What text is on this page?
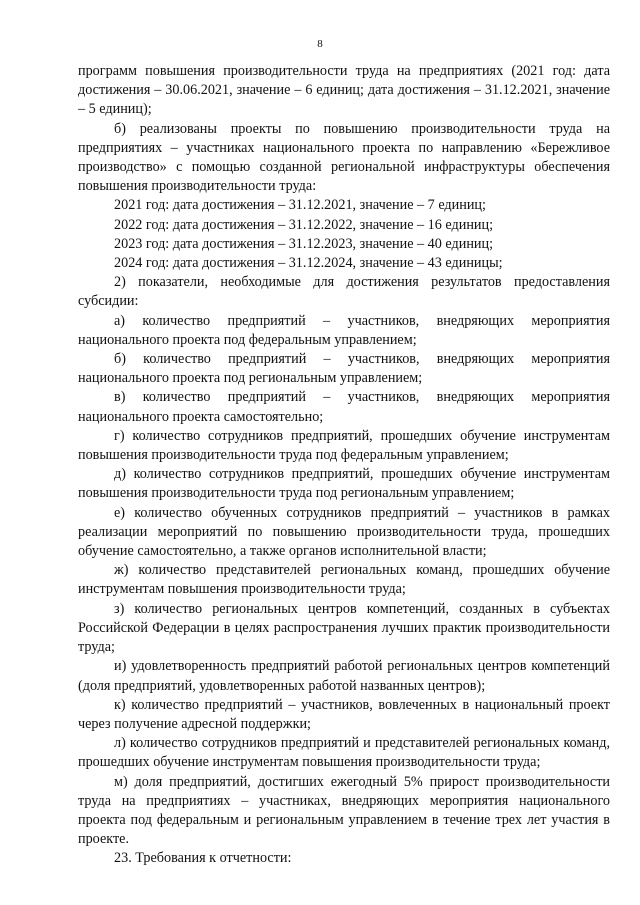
8

программ повышения производительности труда на предприятиях (2021 год: дата достижения – 30.06.2021, значение – 6 единиц; дата достижения – 31.12.2021, значение – 5 единиц);

б) реализованы проекты по повышению производительности труда на предприятиях – участниках национального проекта по направлению «Бережливое производство» с помощью созданной региональной инфраструктуры обеспечения повышения производительности труда:

2021 год: дата достижения – 31.12.2021, значение – 7 единиц;

2022 год: дата достижения – 31.12.2022, значение – 16 единиц;

2023 год: дата достижения – 31.12.2023, значение – 40 единиц;

2024 год: дата достижения – 31.12.2024, значение – 43 единицы;

2) показатели, необходимые для достижения результатов предоставления субсидии:

а) количество предприятий – участников, внедряющих мероприятия национального проекта под федеральным управлением;

б) количество предприятий – участников, внедряющих мероприятия национального проекта под региональным управлением;

в) количество предприятий – участников, внедряющих мероприятия национального проекта самостоятельно;

г) количество сотрудников предприятий, прошедших обучение инструментам повышения производительности труда под федеральным управлением;

д) количество сотрудников предприятий, прошедших обучение инструментам повышения производительности труда под региональным управлением;

е) количество обученных сотрудников предприятий – участников в рамках реализации мероприятий по повышению производительности труда, прошедших обучение самостоятельно, а также органов исполнительной власти;

ж) количество представителей региональных команд, прошедших обучение инструментам повышения производительности труда;

з) количество региональных центров компетенций, созданных в субъектах Российской Федерации в целях распространения лучших практик производительности труда;

и) удовлетворенность предприятий работой региональных центров компетенций (доля предприятий, удовлетворенных работой названных центров);

к) количество предприятий – участников, вовлеченных в национальный проект через получение адресной поддержки;

л) количество сотрудников предприятий и представителей региональных команд, прошедших обучение инструментам повышения производительности труда;

м) доля предприятий, достигших ежегодный 5% прирост производительности труда на предприятиях – участниках, внедряющих мероприятия национального проекта под федеральным и региональным управлением в течение трех лет участия в проекте.

23. Требования к отчетности:
